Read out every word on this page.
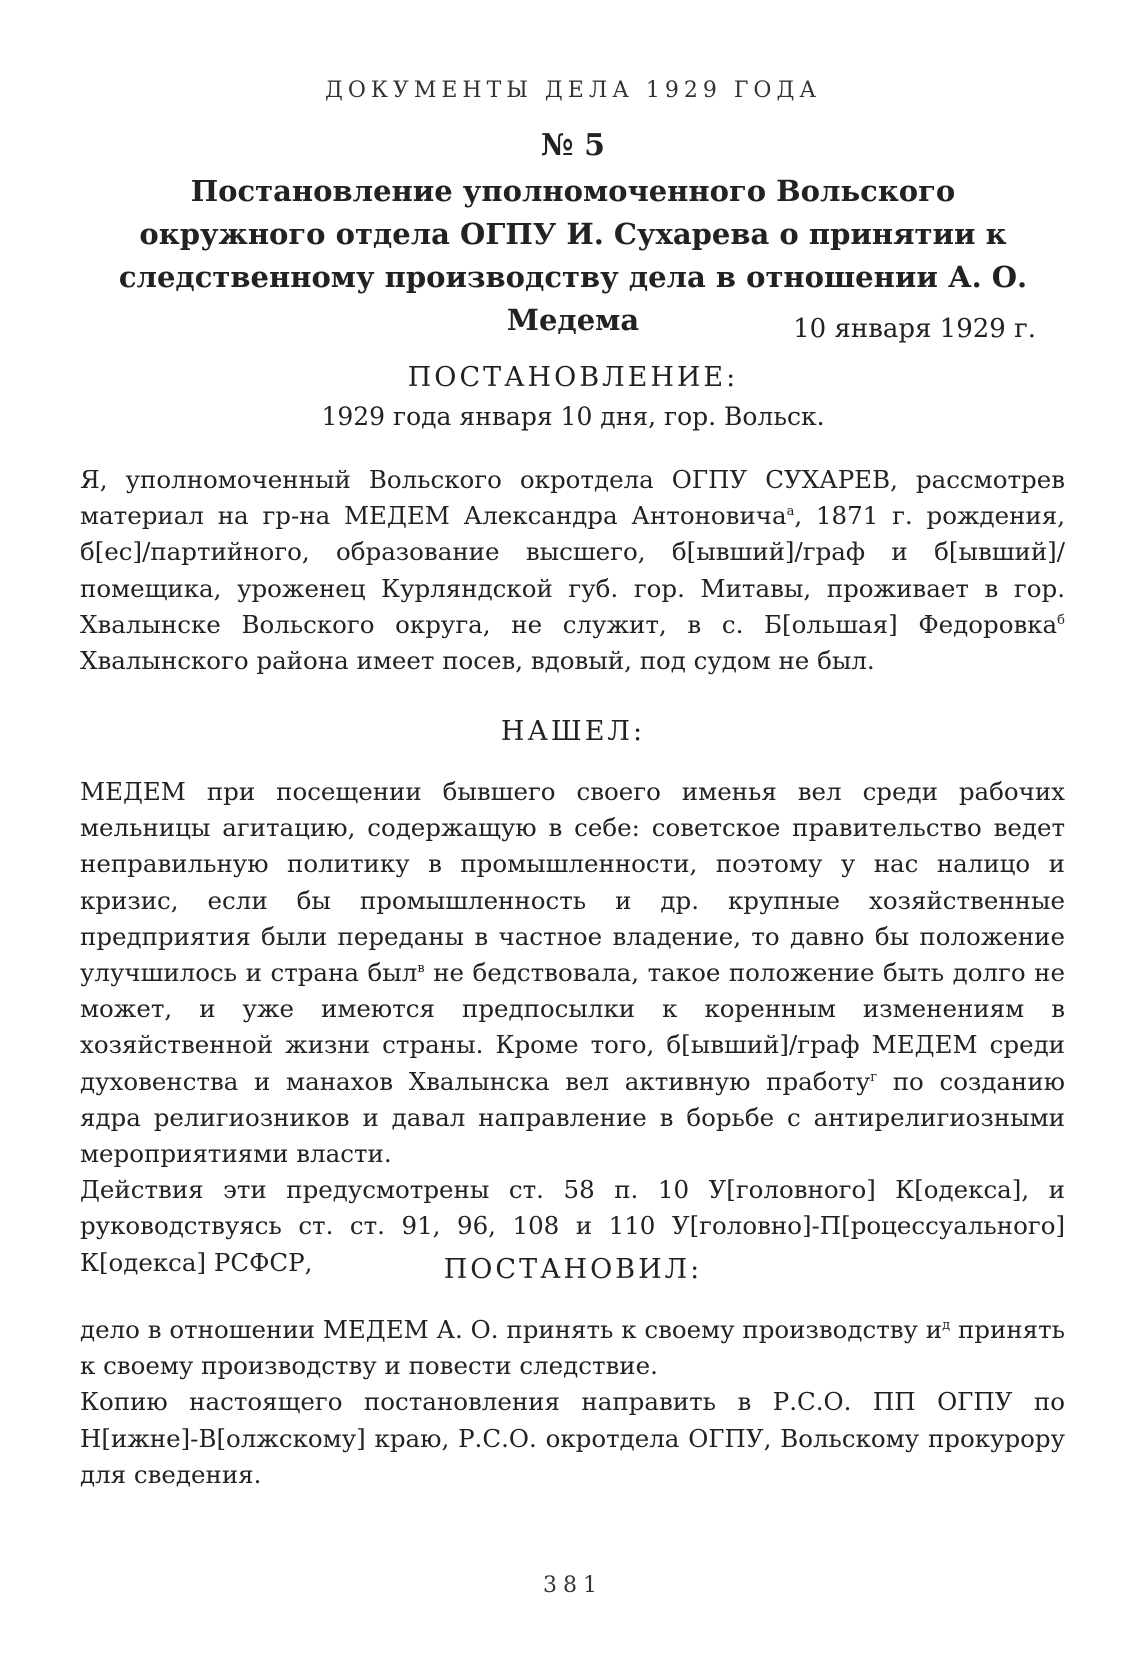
ДОКУМЕНТЫ ДЕЛА 1929 ГОДА
№ 5
Постановление уполномоченного Вольского окружного отдела ОГПУ И. Сухарева о принятии к следственному производству дела в отношении А. О. Медема	10 января 1929 г.
ПОСТАНОВЛЕНИЕ:
1929 года января 10 дня, гор. Вольск.

Я, уполномоченный Вольского окротдела ОГПУ СУХАРЕВ, рассмотрев материал на гр-на МЕДЕМ Александра Антоновича$^а$, 1871 г. рождения, б[ес]/партийного, образование высшего, б[ывший]/граф и б[ывший]/помещика, уроженец Курляндской губ. гор. Митавы, проживает в гор. Хвалынске Вольского округа, не служит, в с. Б[ольшая] Федоровка$^б$ Хвалынского района имеет посев, вдовый, под судом не был.

НАШЕЛ:

МЕДЕМ при посещении бывшего своего именья вел среди рабочих мельницы агитацию, содержащую в себе: советское правительство ведет неправильную политику в промышленности, поэтому у нас налицо и кризис, если бы промышленность и др. крупные хозяйственные предприятия были переданы в частное владение, то давно бы положение улучшилось и страна был$^в$ не бедствовала, такое положение быть долго не может, и уже имеются предпосылки к коренным изменениям в хозяйственной жизни страны. Кроме того, б[ывший]/граф МЕДЕМ среди духовенства и манахов Хвалынска вел активную пработу$^г$ по созданию ядра религиозников и давал направление в борьбе с антирелигиозными мероприятиями власти.

Действия эти предусмотрены ст. 58 п. 10 У[головного] К[одекса], и руководствуясь ст. ст. 91, 96, 108 и 110 У[головно]-П[роцессуального] К[одекса] РСФСР,	ПОСТАНОВИЛ:

дело в отношении МЕДЕМ А. О. принять к своему производству $и^д$ принять к своему производству и повести следствие.

Копию настоящего постановления направить в Р.С.О. ПП ОГПУ по Н[ижне]-В[олжскому] краю, Р.С.О. окротдела ОГПУ, Вольскому прокурору для сведения.

381
